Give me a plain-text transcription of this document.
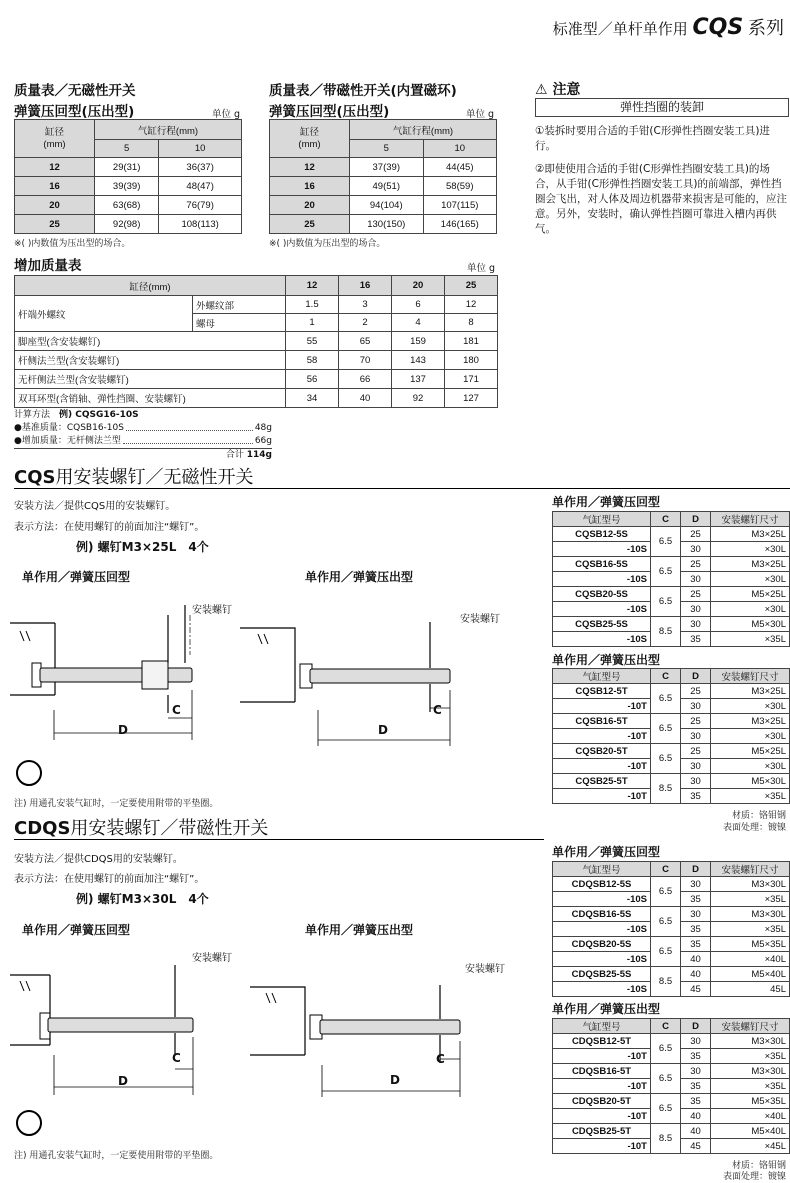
标准型／单杆单作用 CQS 系列
质量表／无磁性开关
弹簧压回型(压出型)	单位 g
缸径
(mm)	气缸行程(mm)	
	5	10
12	29(31)	36(37)
16	39(39)	48(47)
20	63(68)	76(79)
25	92(98)	108(113)
※( )内数值为压出型的场合。
质量表／带磁性开关(内置磁环)
弹簧压回型(压出型)	单位 g
缸径
(mm)	气缸行程(mm)	
	5	10
12	37(39)	44(45)
16	49(51)	58(59)
20	94(104)	107(115)
25	130(150)	146(165)
※( )内数值为压出型的场合。
⚠ 注意
弹性挡圈的装卸
①装拆时要用合适的手钳(C形弹性挡圈安装工具)进行。
②即使使用合适的手钳(C形弹性挡圈安装工具)的场合，从手钳(C形弹性挡圈安装工具)的前端部，弹性挡圈会飞出，对人体及周边机器带来损害是可能的，应注意。另外，安装时，确认弹性挡圈可靠进入槽内再供气。
增加质量表	单位 g
缸径(mm)		12	16	20	25
杆端外螺纹	外螺纹部	1.5	3	6	12
	螺母	1	2	4	8
脚座型(含安装螺钉)		55	65	159	181
杆侧法兰型(含安装螺钉)		58	70	143	180
无杆侧法兰型(含安装螺钉)		56	66	137	171
双耳环型(含销轴、弹性挡圈、安装螺钉)		34	40	92	127
计算方法　 例) CQSG16-10S
●基准质量：CQSB16-10S	48g
●增加质量：无杆侧法兰型	66g
合计 114g
CQS用安装螺钉／无磁性开关
安装方法／提供CQS用的安装螺钉。
表示方法：在使用螺钉的前面加注“螺钉”。
例) 螺钉M3×25L　4个
单作用／弹簧压回型	单作用／弹簧压出型
C
D
安装螺钉
C
D
安装螺钉
注) 用通孔安装气缸时，一定要使用附带的平垫圈。
单作用／弹簧压回型
气缸型号	C	D	安装螺钉尺寸
CQSB12-5S	6.5	25	M3×25L
-10S		30	×30L
CQSB16-5S	6.5	25	M3×25L
-10S		30	×30L
CQSB20-5S	6.5	25	M5×25L
-10S		30	×30L
CQSB25-5S	8.5	30	M5×30L
-10S		35	×35L
单作用／弹簧压出型
气缸型号	C	D	安装螺钉尺寸
CQSB12-5T	6.5	25	M3×25L
-10T		30	×30L
CQSB16-5T	6.5	25	M3×25L
-10T		30	×30L
CQSB20-5T	6.5	25	M5×25L
-10T		30	×30L
CQSB25-5T	8.5	30	M5×30L
-10T		35	×35L
材质：铬钼钢
表面处理：镀镍
CDQS用安装螺钉／带磁性开关
安装方法／提供CDQS用的安装螺钉。
表示方法：在使用螺钉的前面加注“螺钉”。
例) 螺钉M3×30L　4个
单作用／弹簧压回型	单作用／弹簧压出型
C
D
安装螺钉
C
D
安装螺钉
注) 用通孔安装气缸时，一定要使用附带的平垫圈。
单作用／弹簧压回型
气缸型号	C	D	安装螺钉尺寸
CDQSB12-5S	6.5	30	M3×30L
-10S		35	×35L
CDQSB16-5S	6.5	30	M3×30L
-10S		35	×35L
CDQSB20-5S	6.5	35	M5×35L
-10S		40	×40L
CDQSB25-5S	8.5	40	M5×40L
-10S		45	45L
单作用／弹簧压出型
气缸型号	C	D	安装螺钉尺寸
CDQSB12-5T	6.5	30	M3×30L
-10T		35	×35L
CDQSB16-5T	6.5	30	M3×30L
-10T		35	×35L
CDQSB20-5T	6.5	35	M5×35L
-10T		40	×40L
CDQSB25-5T	8.5	40	M5×40L
-10T		45	×45L
材质：铬钼钢
表面处理：镀镍
